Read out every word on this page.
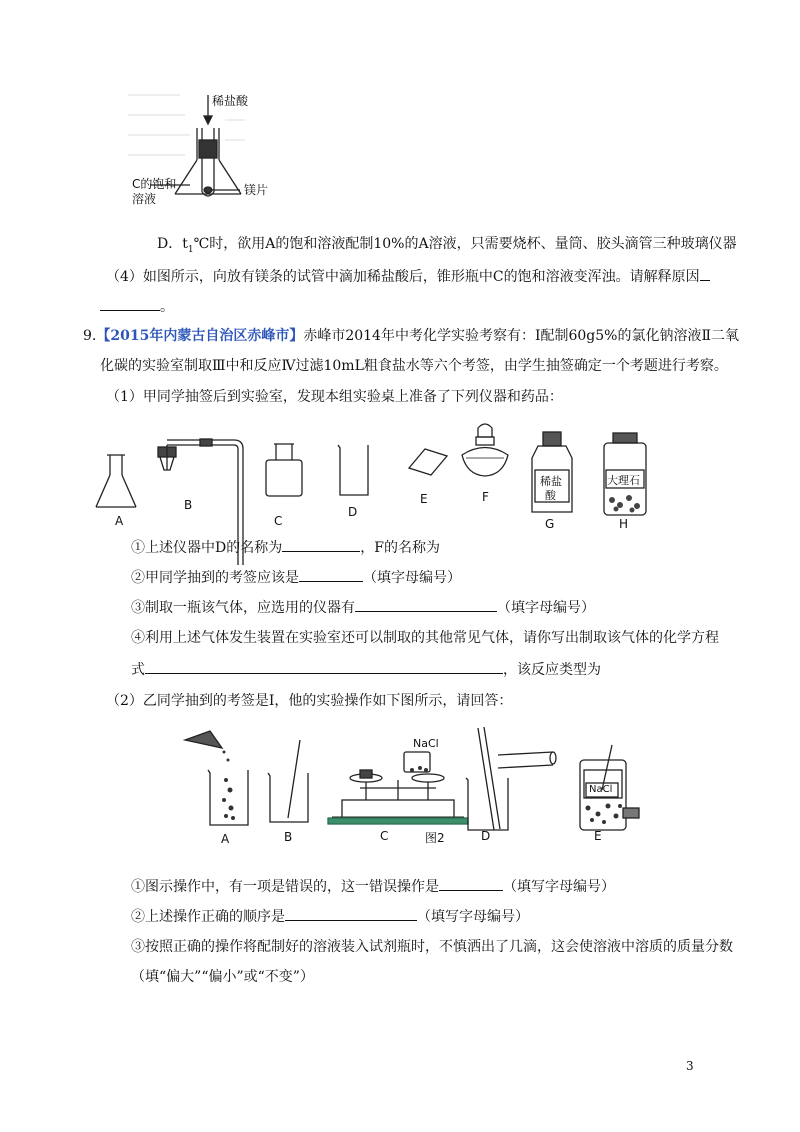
稀盐酸
C的饱和
溶液
镁片
D．$t_1℃$时，欲用A的饱和溶液配制10%的A溶液，只需要烧杯、量筒、胶头滴管三种玻璃仪器
（4）如图所示，向放有镁条的试管中滴加稀盐酸后，锥形瓶中C的饱和溶液变浑浊。请解释原因
。
9.【2015年内蒙古自治区赤峰市】赤峰市2014年中考化学实验考察有：Ⅰ配制60g5%的氯化钠溶液Ⅱ二氧
化碳的实验室制取Ⅲ中和反应Ⅳ过滤10mL粗食盐水等六个考签，由学生抽签确定一个考题进行考察。
（1）甲同学抽签后到实验室，发现本组实验桌上准备了下列仪器和药品：
A
B
C
D
E	F
G	H
稀盐
酸
大理石
①上述仪器中D的名称为	，F的名称为
②甲同学抽到的考签应该是	（填字母编号）
③制取一瓶该气体，应选用的仪器有	（填字母编号）
④利用上述气体发生装置在实验室还可以制取的其他常见气体，请你写出制取该气体的化学方程
式	，该反应类型为
（2）乙同学抽到的考签是Ⅰ，他的实验操作如下图所示，请回答：
NaCl
NaCl
A	B	C	图2	D	E
①图示操作中，有一项是错误的，这一错误操作是	（填写字母编号）
②上述操作正确的顺序是	（填写字母编号）
③按照正确的操作将配制好的溶液装入试剂瓶时，不慎洒出了几滴，这会使溶液中溶质的质量分数
（填“偏大”“偏小”或“不变”）
3
